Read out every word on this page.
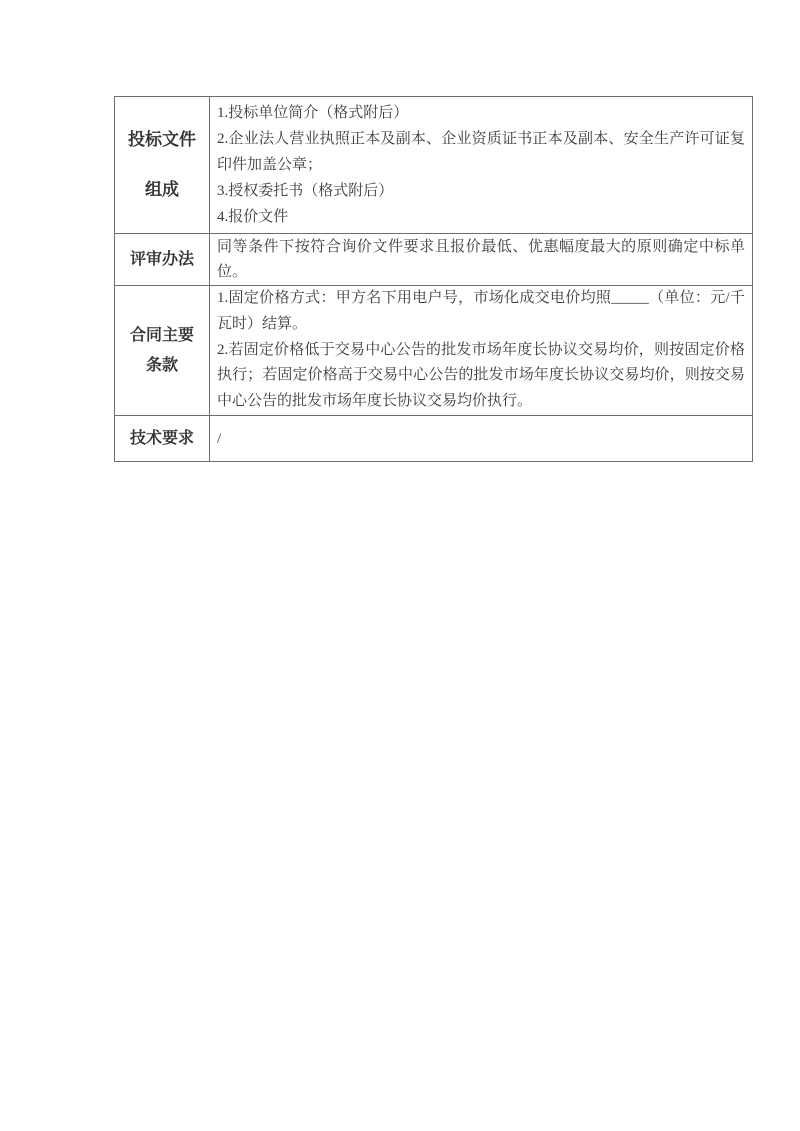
投标文件
组成

1.投标单位简介（格式附后）

2.企业法人营业执照正本及副本、企业资质证书正本及副本、安全生产许可证复印件加盖公章；

3.授权委托书（格式附后）

4.报价文件

评审办法

同等条件下按符合询价文件要求且报价最低、优惠幅度最大的原则确定中标单位。

合同主要
条款

1.固定价格方式：甲方名下用电户号，市场化成交电价均照_____（单位：元/千瓦时）结算。

2.若固定价格低于交易中心公告的批发市场年度长协议交易均价，则按固定价格执行；若固定价格高于交易中心公告的批发市场年度长协议交易均价，则按交易中心公告的批发市场年度长协议交易均价执行。

技术要求 /
